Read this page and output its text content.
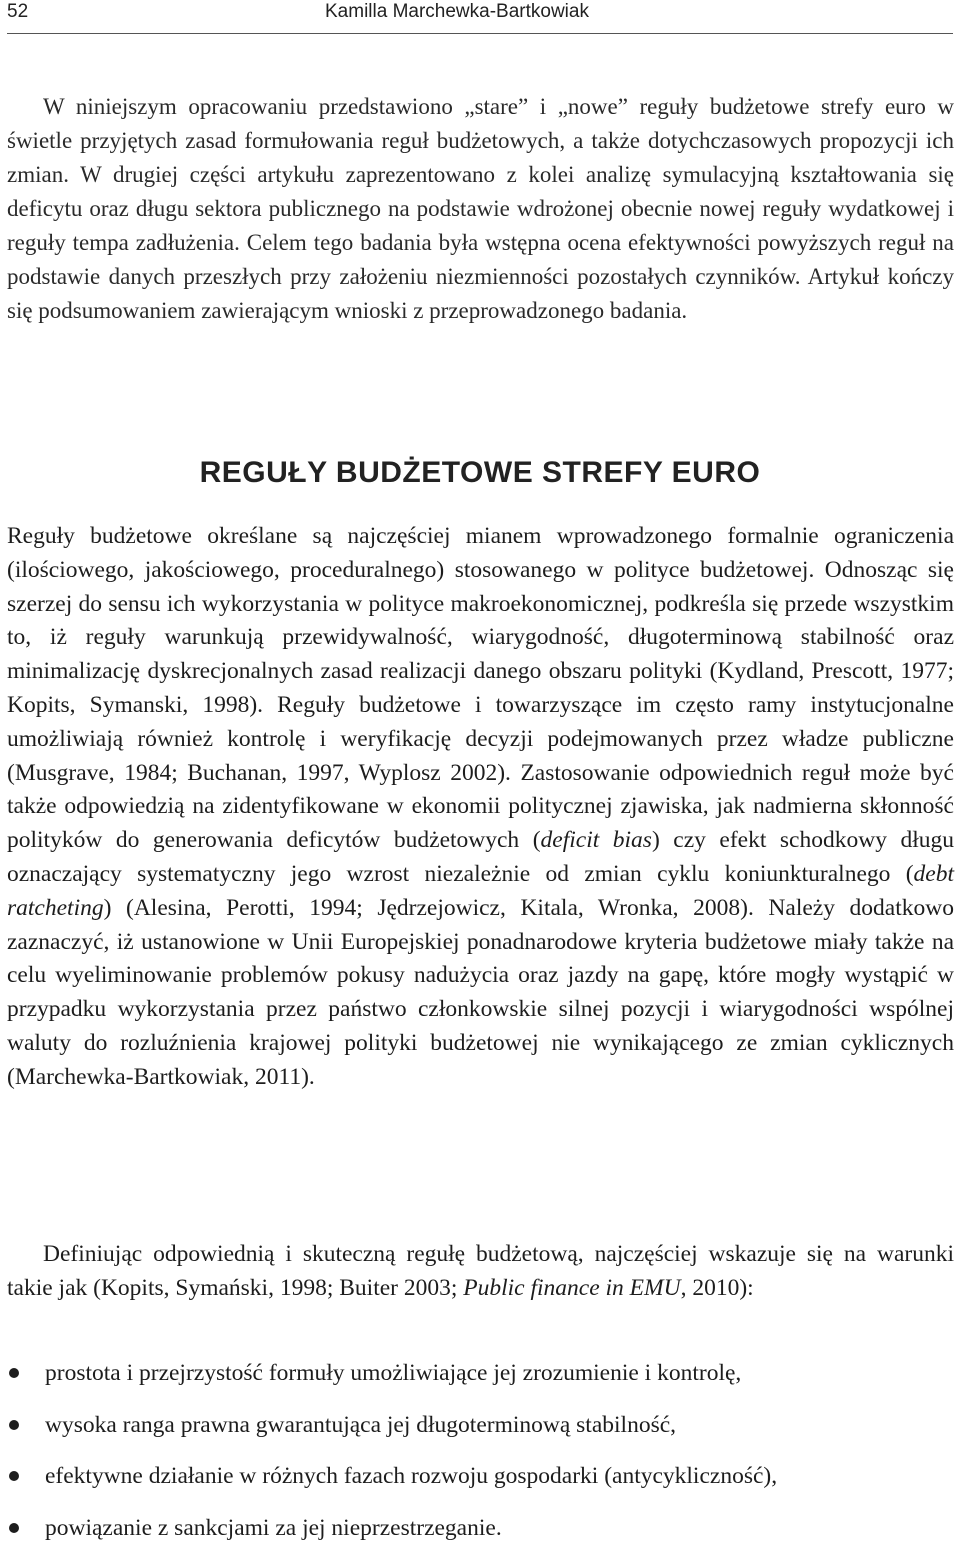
52	Kamilla Marchewka-Bartkowiak

W niniejszym opracowaniu przedstawiono „stare” i „nowe” reguły budżetowe strefy euro w świetle przyjętych zasad formułowania reguł budżetowych, a także dotychczasowych propozycji ich zmian. W drugiej części artykułu zaprezentowano z kolei analizę symulacyjną kształtowania się deficytu oraz długu sektora publicznego na podstawie wdrożonej obecnie nowej reguły wydatkowej i reguły tempa zadłużenia. Celem tego badania była wstępna ocena efektywności powyższych reguł na podstawie danych przeszłych przy założeniu niezmienności pozostałych czynników. Artykuł kończy się podsumowaniem zawierającym wnioski z przeprowadzonego badania.

REGUŁY BUDŻETOWE STREFY EURO

Reguły budżetowe określane są najczęściej mianem wprowadzonego formalnie ograniczenia (ilościowego, jakościowego, proceduralnego) stosowanego w polityce budżetowej. Odnosząc się szerzej do sensu ich wykorzystania w polityce makroekonomicznej, podkreśla się przede wszystkim to, iż reguły warunkują przewidywalność, wiarygodność, długoterminową stabilność oraz minimalizację dyskrecjonalnych zasad realizacji danego obszaru polityki (Kydland, Prescott, 1977; Kopits, Symanski, 1998). Reguły budżetowe i towarzyszące im często ramy instytucjonalne umożliwiają również kontrolę i weryfikację decyzji podejmowanych przez władze publiczne (Musgrave, 1984; Buchanan, 1997, Wyplosz 2002). Zastosowanie odpowiednich reguł może być także odpowiedzią na zidentyfikowane w ekonomii politycznej zjawiska, jak nadmierna skłonność polityków do generowania deficytów budżetowych (deficit bias) czy efekt schodkowy długu oznaczający systematyczny jego wzrost niezależnie od zmian cyklu koniunkturalnego (debt ratcheting) (Alesina, Perotti, 1994; Jędrzejowicz, Kitala, Wronka, 2008). Należy dodatkowo zaznaczyć, iż ustanowione w Unii Europejskiej ponadnarodowe kryteria budżetowe miały także na celu wyeliminowanie problemów pokusy nadużycia oraz jazdy na gapę, które mogły wystąpić w przypadku wykorzystania przez państwo członkowskie silnej pozycji i wiarygodności wspólnej waluty do rozluźnienia krajowej polityki budżetowej nie wynikającego ze zmian cyklicznych (Marchewka-Bartkowiak, 2011).

Definiując odpowiednią i skuteczną regułę budżetową, najczęściej wskazuje się na warunki takie jak (Kopits, Symański, 1998; Buiter 2003; Public finance in EMU, 2010):

prostota i przejrzystość formuły umożliwiające jej zrozumienie i kontrolę,
wysoka ranga prawna gwarantująca jej długoterminową stabilność,
efektywne działanie w różnych fazach rozwoju gospodarki (antycykliczność),
powiązanie z sankcjami za jej nieprzestrzeganie.
